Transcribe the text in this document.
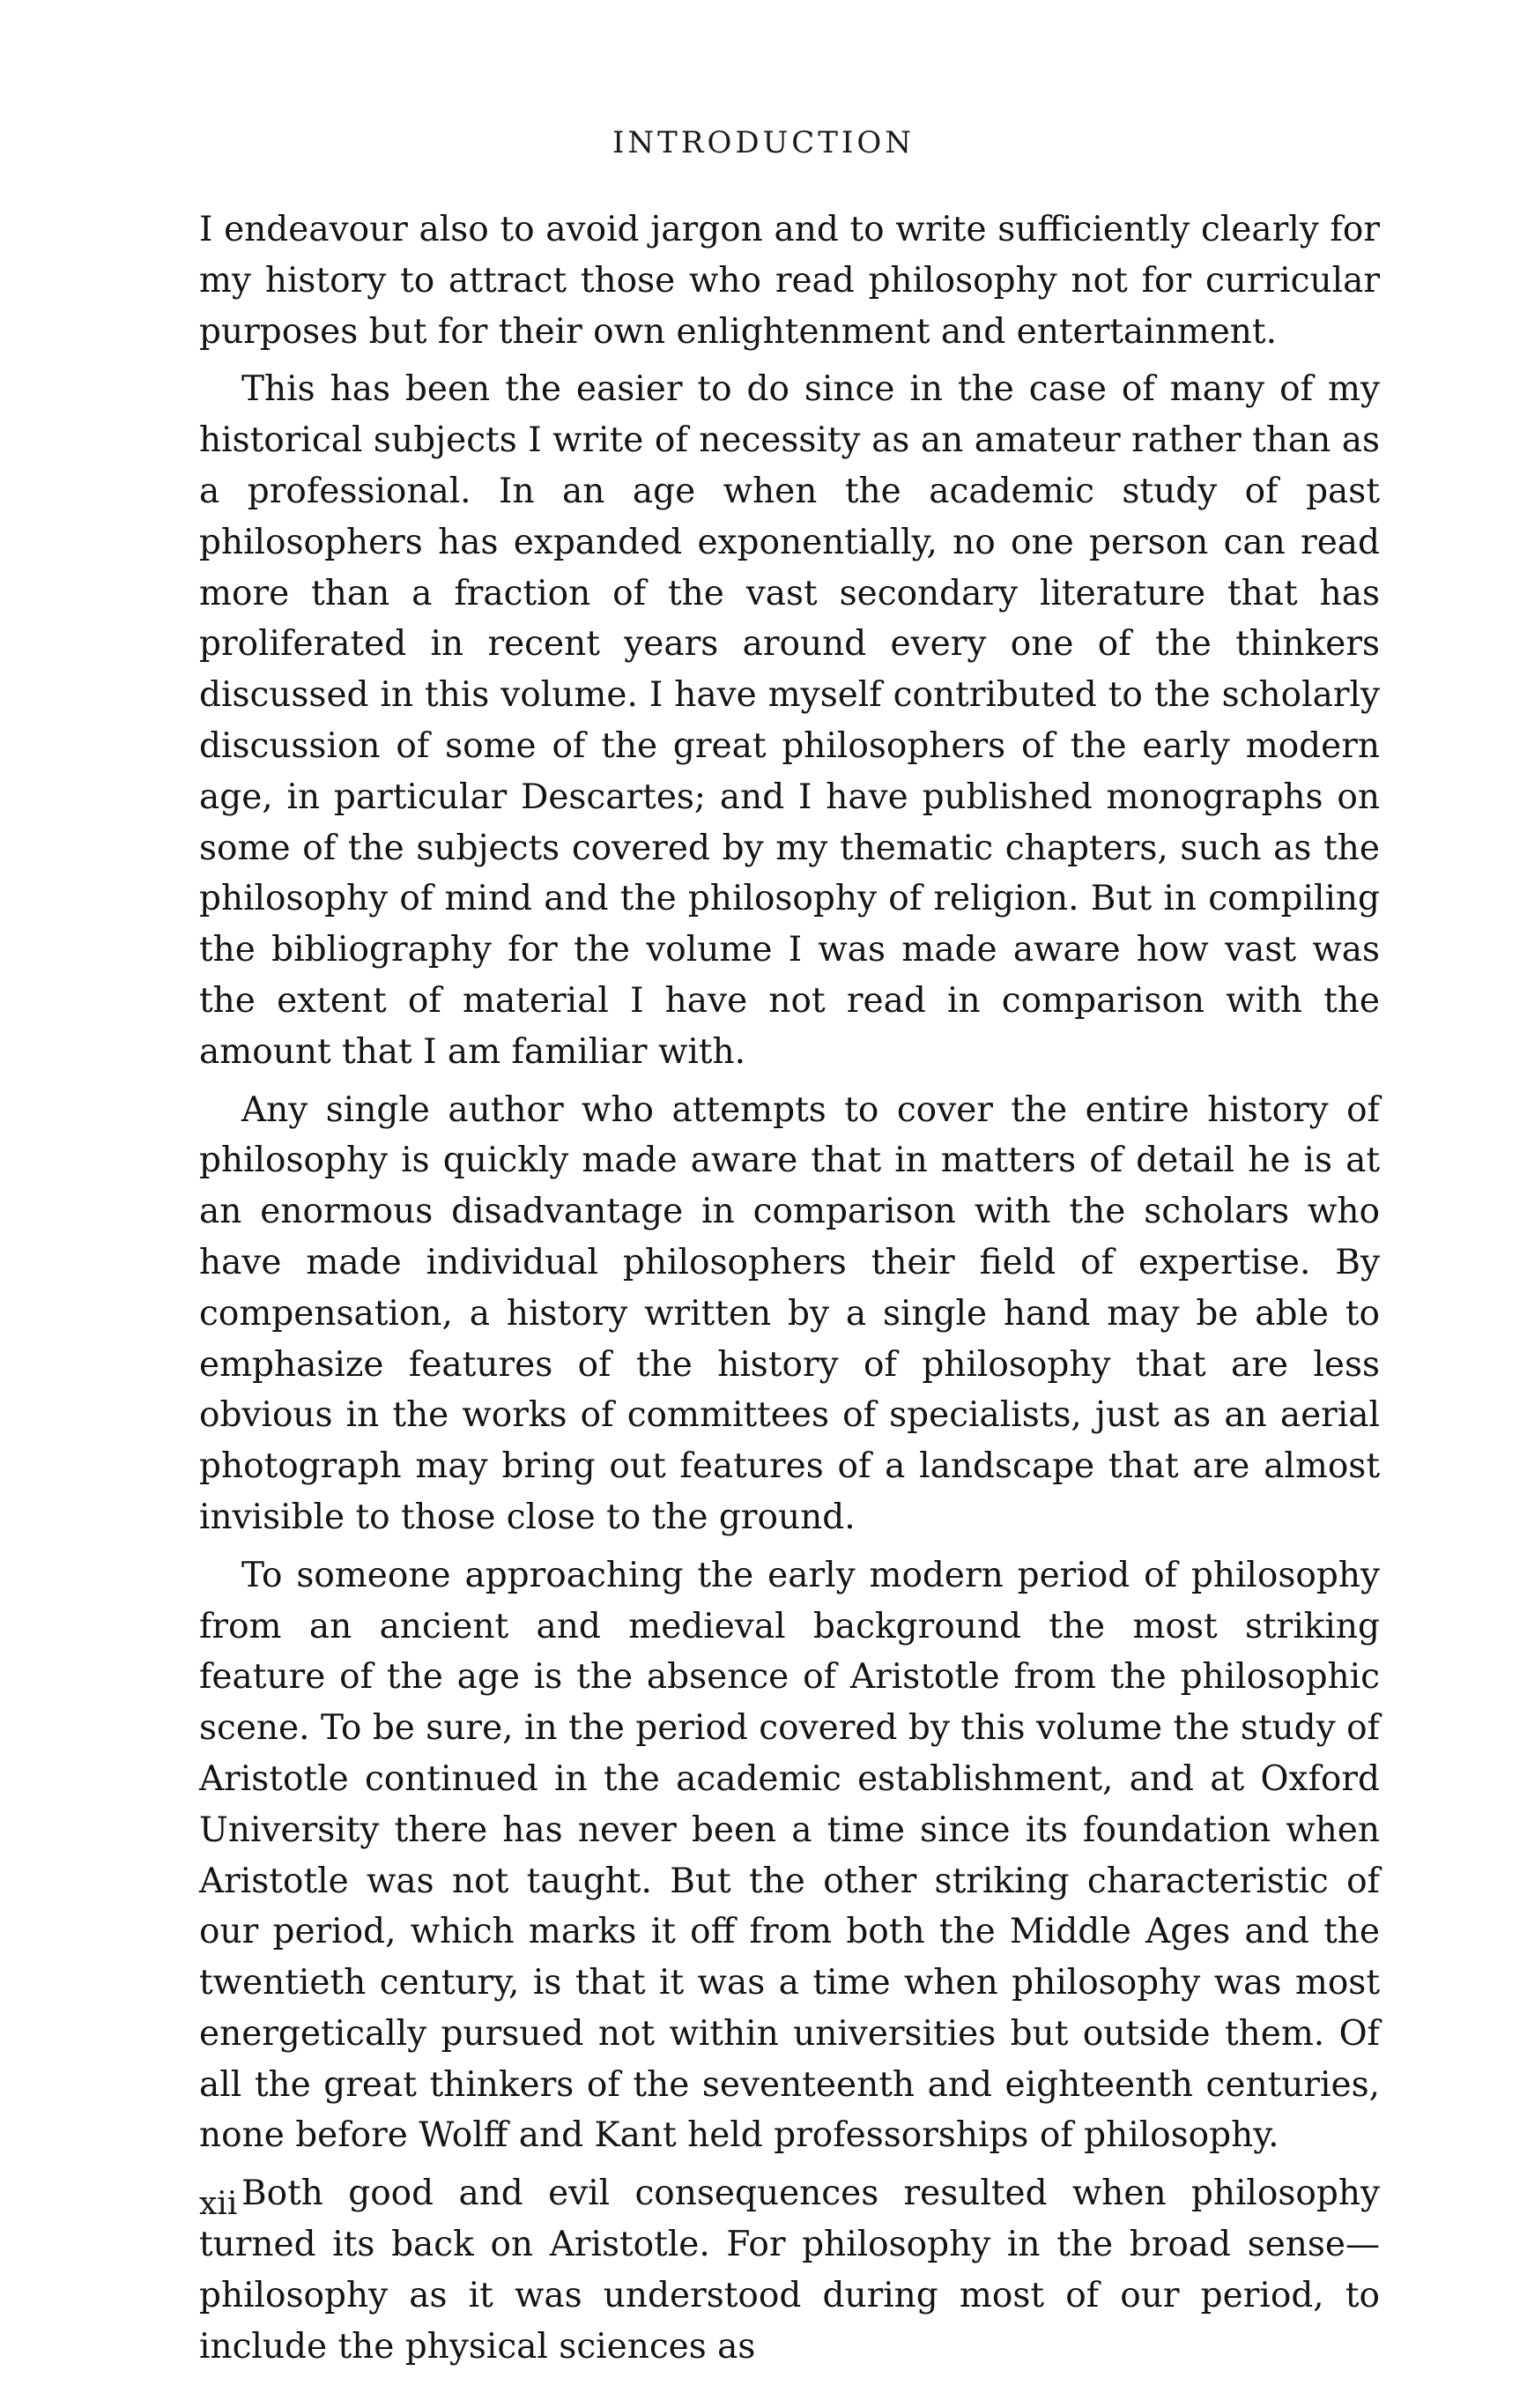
INTRODUCTION

I endeavour also to avoid jargon and to write sufficiently clearly for my history to attract those who read philosophy not for curricular purposes but for their own enlightenment and entertainment.

This has been the easier to do since in the case of many of my historical subjects I write of necessity as an amateur rather than as a professional. In an age when the academic study of past philosophers has expanded exponentially, no one person can read more than a fraction of the vast secondary literature that has proliferated in recent years around every one of the thinkers discussed in this volume. I have myself contributed to the scholarly discussion of some of the great philosophers of the early modern age, in particular Descartes; and I have published monographs on some of the subjects covered by my thematic chapters, such as the philosophy of mind and the philosophy of religion. But in compiling the bibliography for the volume I was made aware how vast was the extent of material I have not read in comparison with the amount that I am familiar with.

Any single author who attempts to cover the entire history of philosophy is quickly made aware that in matters of detail he is at an enormous disadvantage in comparison with the scholars who have made individual philosophers their field of expertise. By compensation, a history written by a single hand may be able to emphasize features of the history of philosophy that are less obvious in the works of committees of specialists, just as an aerial photograph may bring out features of a landscape that are almost invisible to those close to the ground.

To someone approaching the early modern period of philosophy from an ancient and medieval background the most striking feature of the age is the absence of Aristotle from the philosophic scene. To be sure, in the period covered by this volume the study of Aristotle continued in the academic establishment, and at Oxford University there has never been a time since its foundation when Aristotle was not taught. But the other striking characteristic of our period, which marks it off from both the Middle Ages and the twentieth century, is that it was a time when philosophy was most energetically pursued not within universities but outside them. Of all the great thinkers of the seventeenth and eighteenth centuries, none before Wolff and Kant held professorships of philosophy.

Both good and evil consequences resulted when philosophy turned its back on Aristotle. For philosophy in the broad sense—philosophy as it was understood during most of our period, to include the physical sciences as

xii
